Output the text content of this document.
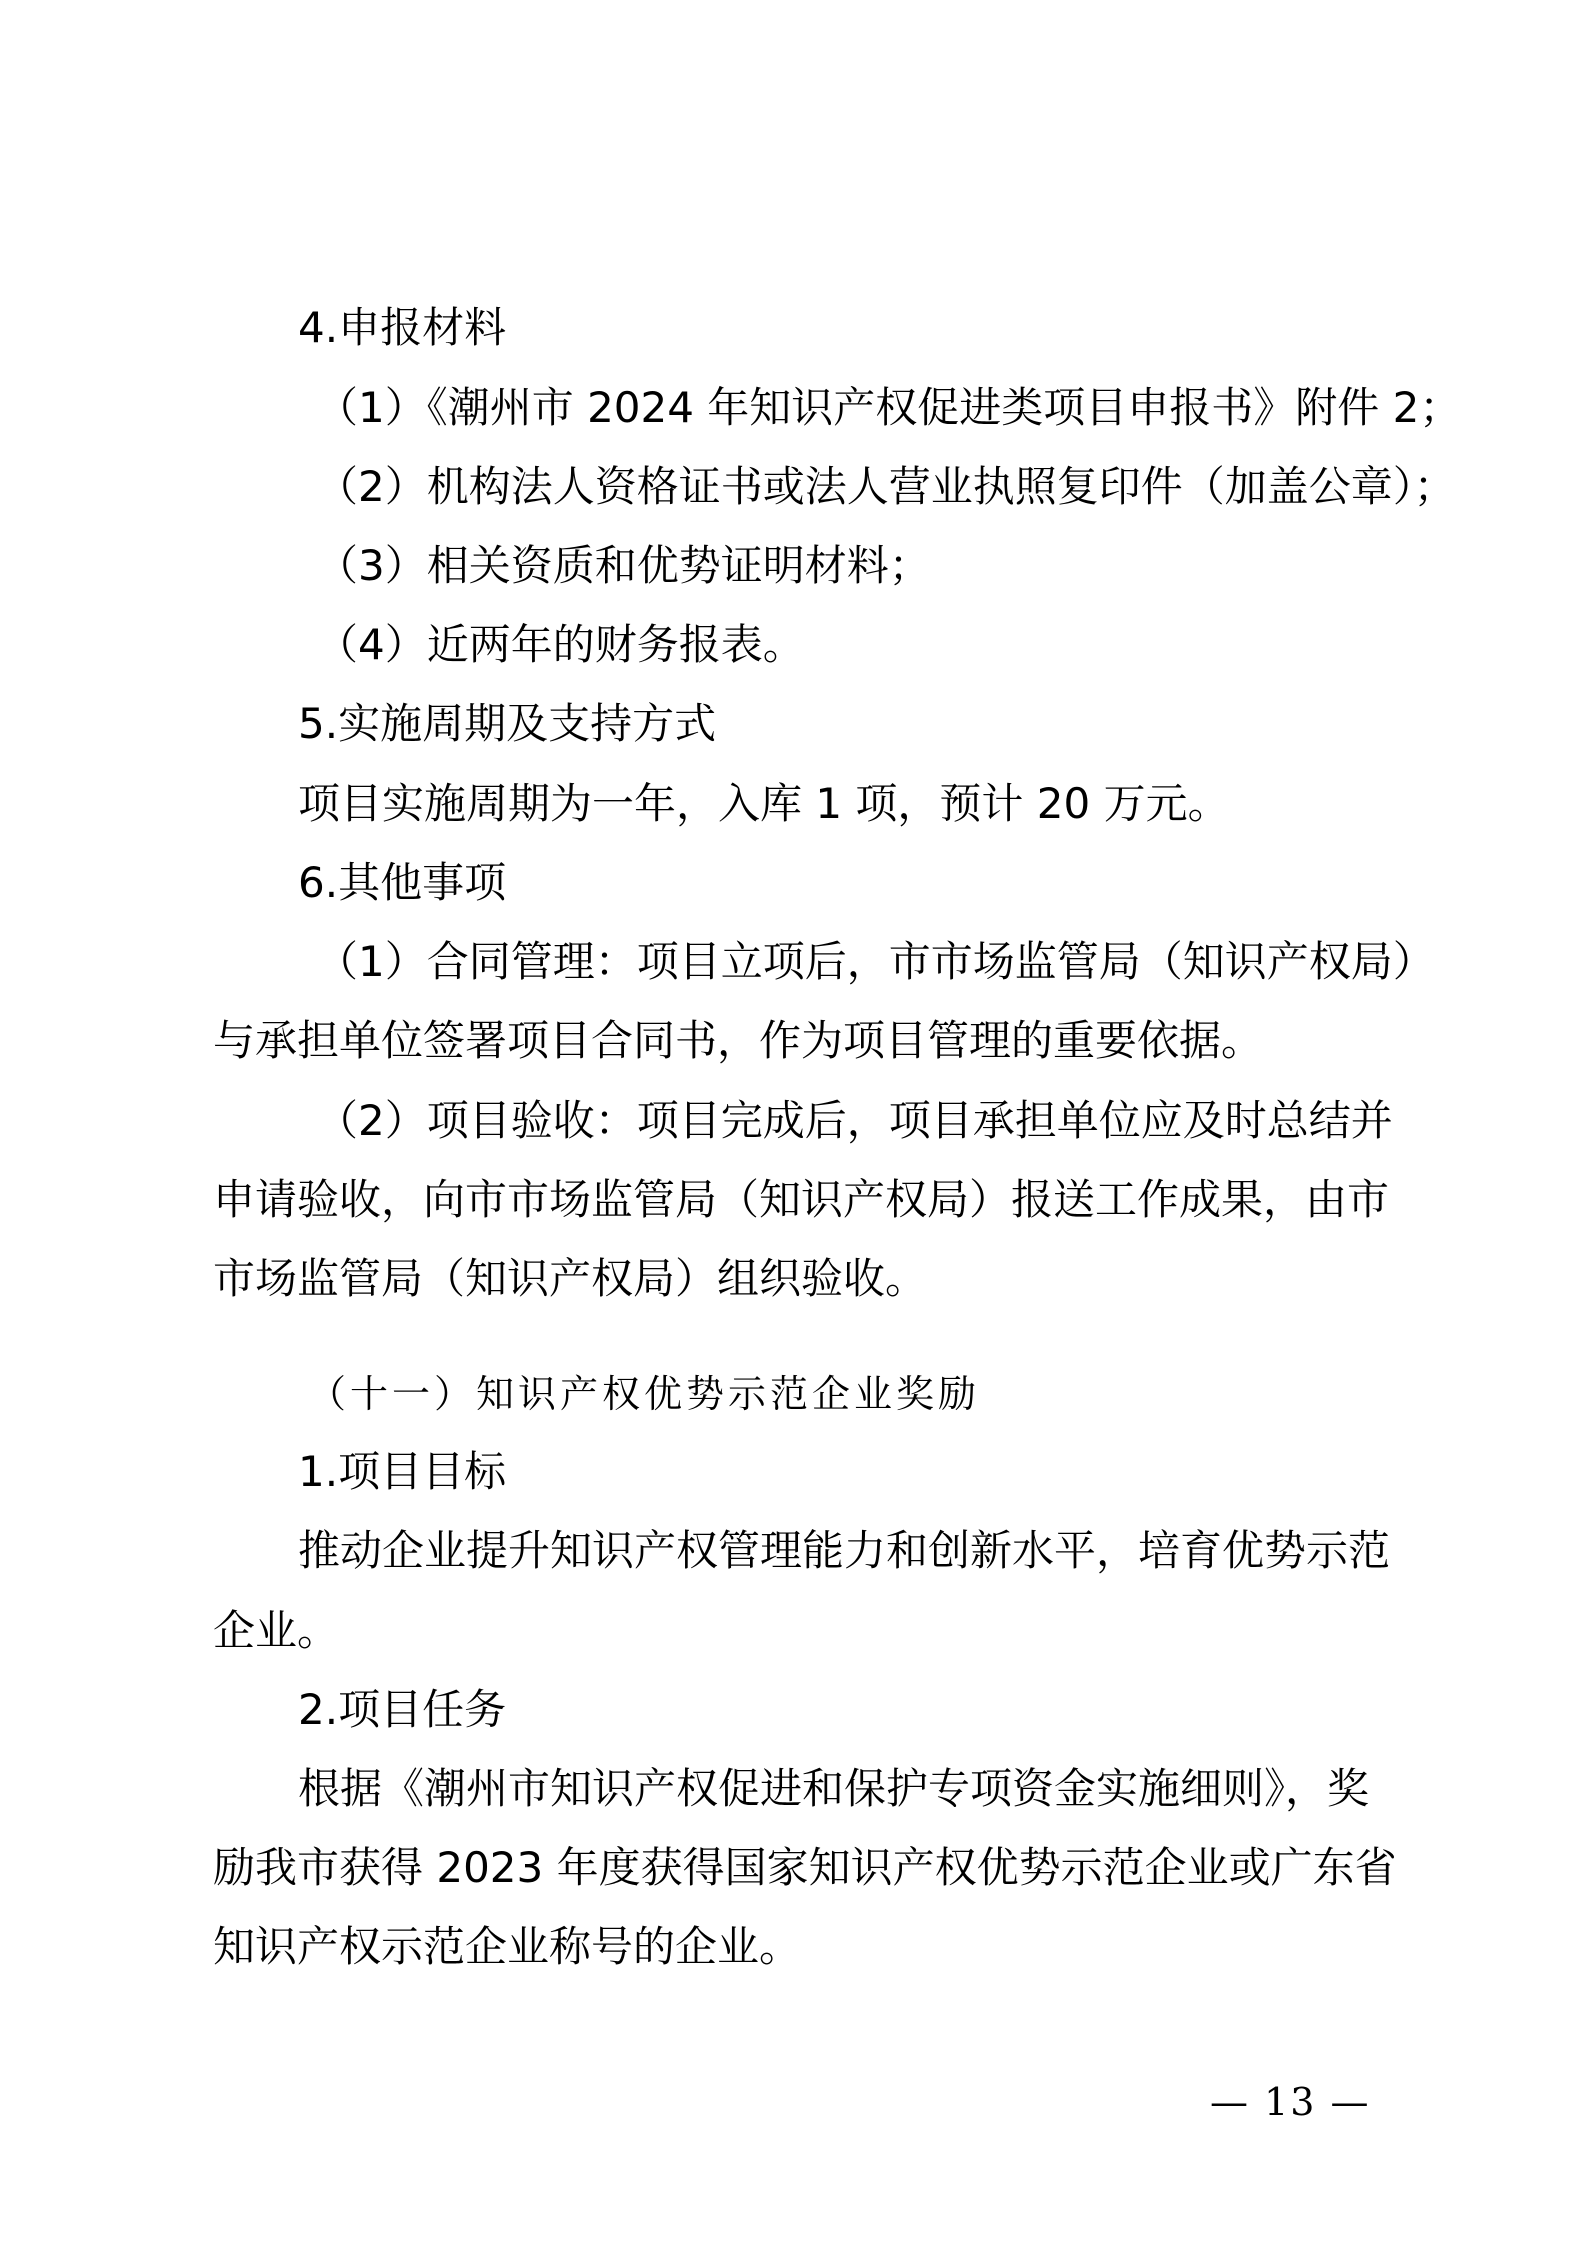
4.申报材料
（1）《潮州市 2024 年知识产权促进类项目申报书》附件 2；
（2）机构法人资格证书或法人营业执照复印件（加盖公章）；
（3）相关资质和优势证明材料；
（4）近两年的财务报表。
5.实施周期及支持方式
项目实施周期为一年，入库 1 项，预计 20 万元。
6.其他事项
（1）合同管理：项目立项后，市市场监管局（知识产权局）
与承担单位签署项目合同书，作为项目管理的重要依据。
（2）项目验收：项目完成后，项目承担单位应及时总结并
申请验收，向市市场监管局（知识产权局）报送工作成果，由市
市场监管局（知识产权局）组织验收。
（十一）知识产权优势示范企业奖励
1.项目目标
推动企业提升知识产权管理能力和创新水平，培育优势示范
企业。
2.项目任务
根据《潮州市知识产权促进和保护专项资金实施细则》，奖
励我市获得 2023 年度获得国家知识产权优势示范企业或广东省
知识产权示范企业称号的企业。
— 13 —
